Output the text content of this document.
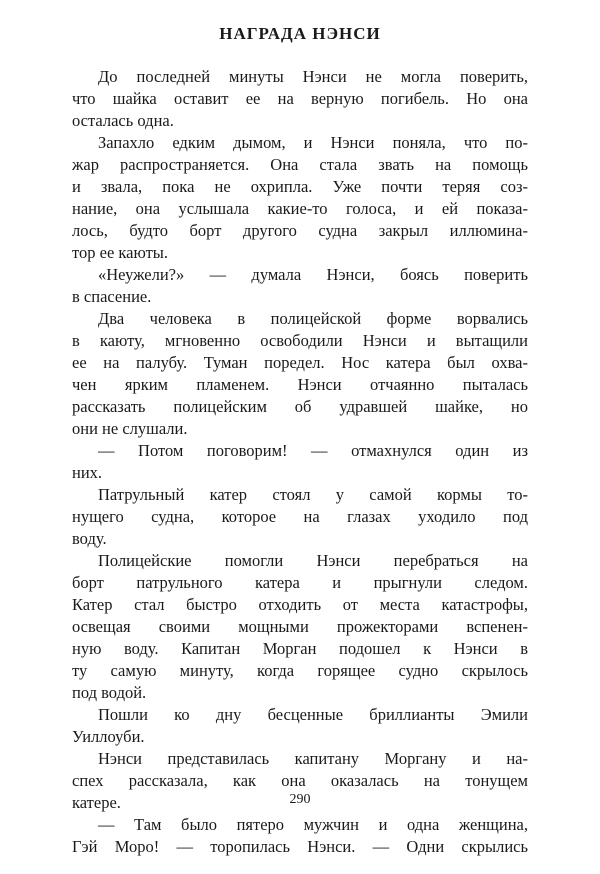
НАГРАДА НЭНСИ
До последней минуты Нэнси не могла поверить,
что шайка оставит ее на верную погибель. Но она
осталась одна.
Запахло едким дымом, и Нэнси поняла, что по-
жар распространяется. Она стала звать на помощь
и звала, пока не охрипла. Уже почти теряя соз-
нание, она услышала какие-то голоса, и ей показа-
лось, будто борт другого судна закрыл иллюмина-
тор ее каюты.
«Неужели?» — думала Нэнси, боясь поверить
в спасение.
Два человека в полицейской форме ворвались
в каюту, мгновенно освободили Нэнси и вытащили
ее на палубу. Туман поредел. Нос катера был охва-
чен ярким пламенем. Нэнси отчаянно пыталась
рассказать полицейским об удравшей шайке, но
они не слушали.
— Потом поговорим! — отмахнулся один из
них.
Патрульный катер стоял у самой кормы то-
нущего судна, которое на глазах уходило под
воду.
Полицейские помогли Нэнси перебраться на
борт патрульного катера и прыгнули следом.
Катер стал быстро отходить от места катастрофы,
освещая своими мощными прожекторами вспенен-
ную воду. Капитан Морган подошел к Нэнси в
ту самую минуту, когда горящее судно скрылось
под водой.
Пошли ко дну бесценные бриллианты Эмили
Уиллоуби.
Нэнси представилась капитану Моргану и на-
спех рассказала, как она оказалась на тонущем
катере.
— Там было пятеро мужчин и одна женщина,
Гэй Моро! — торопилась Нэнси. — Одни скрылись
290
